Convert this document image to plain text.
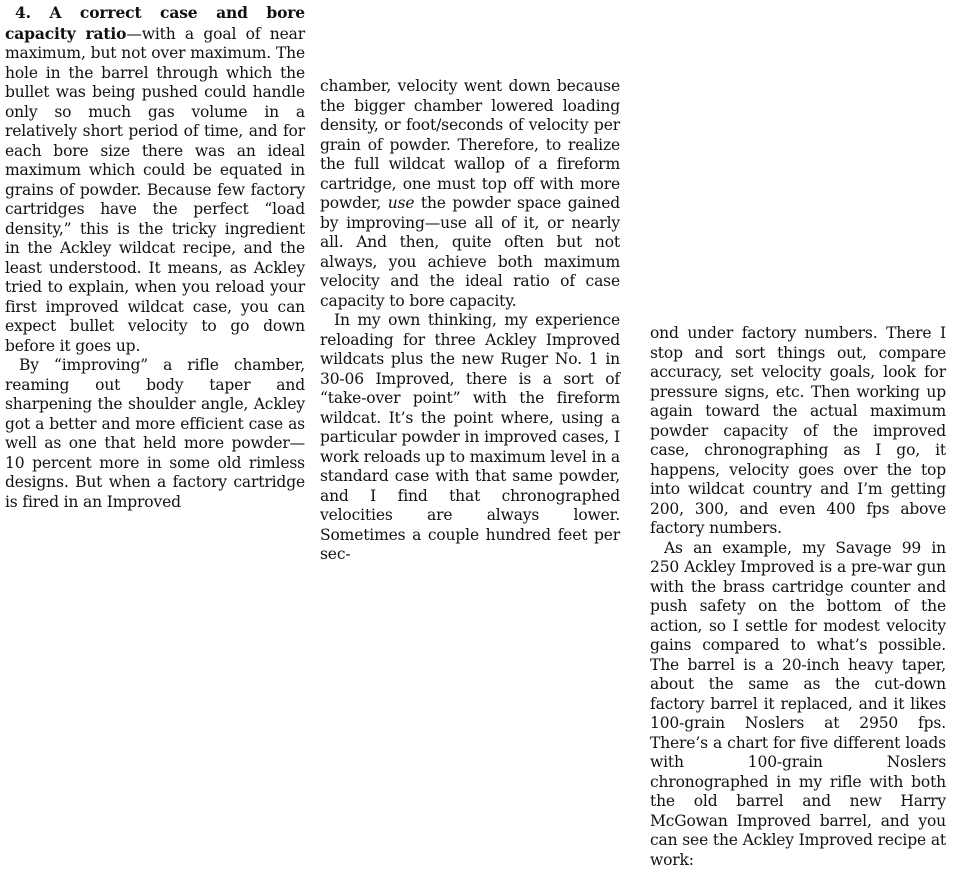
4. A correct case and bore capacity ratio—with a goal of near maximum, but not over maximum. The hole in the barrel through which the bullet was being pushed could handle only so much gas volume in a relatively short period of time, and for each bore size there was an ideal maximum which could be equated in grains of powder. Because few factory cartridges have the perfect “load density,” this is the tricky ingredient in the Ackley wildcat recipe, and the least understood. It means, as Ackley tried to explain, when you reload your first improved wildcat case, you can expect bullet velocity to go down before it goes up.

By “improving” a rifle chamber, reaming out body taper and sharpening the shoulder angle, Ackley got a better and more efficient case as well as one that held more powder—10 percent more in some old rimless designs. But when a factory cartridge is fired in an Improved

chamber, velocity went down because the bigger chamber lowered loading density, or foot/seconds of velocity per grain of powder. Therefore, to realize the full wildcat wallop of a fireform cartridge, one must top off with more powder, use the powder space gained by improving—use all of it, or nearly all. And then, quite often but not always, you achieve both maximum velocity and the ideal ratio of case capacity to bore capacity.

In my own thinking, my experience reloading for three Ackley Improved wildcats plus the new Ruger No. 1 in 30-06 Improved, there is a sort of “take-over point” with the fireform wildcat. It’s the point where, using a particular powder in improved cases, I work reloads up to maximum level in a standard case with that same powder, and I find that chronographed velocities are always lower. Sometimes a couple hundred feet per sec-

ond under factory numbers. There I stop and sort things out, compare accuracy, set velocity goals, look for pressure signs, etc. Then working up again toward the actual maximum powder capacity of the improved case, chronographing as I go, it happens, velocity goes over the top into wildcat country and I’m getting 200, 300, and even 400 fps above factory numbers.

As an example, my Savage 99 in 250 Ackley Improved is a pre-war gun with the brass cartridge counter and push safety on the bottom of the action, so I settle for modest velocity gains compared to what’s possible. The barrel is a 20-inch heavy taper, about the same as the cut-down factory barrel it replaced, and it likes 100-grain Noslers at 2950 fps. There’s a chart for five different loads with 100-grain Noslers chronographed in my rifle with both the old barrel and new Harry McGowan Improved barrel, and you can see the Ackley Improved recipe at work:
